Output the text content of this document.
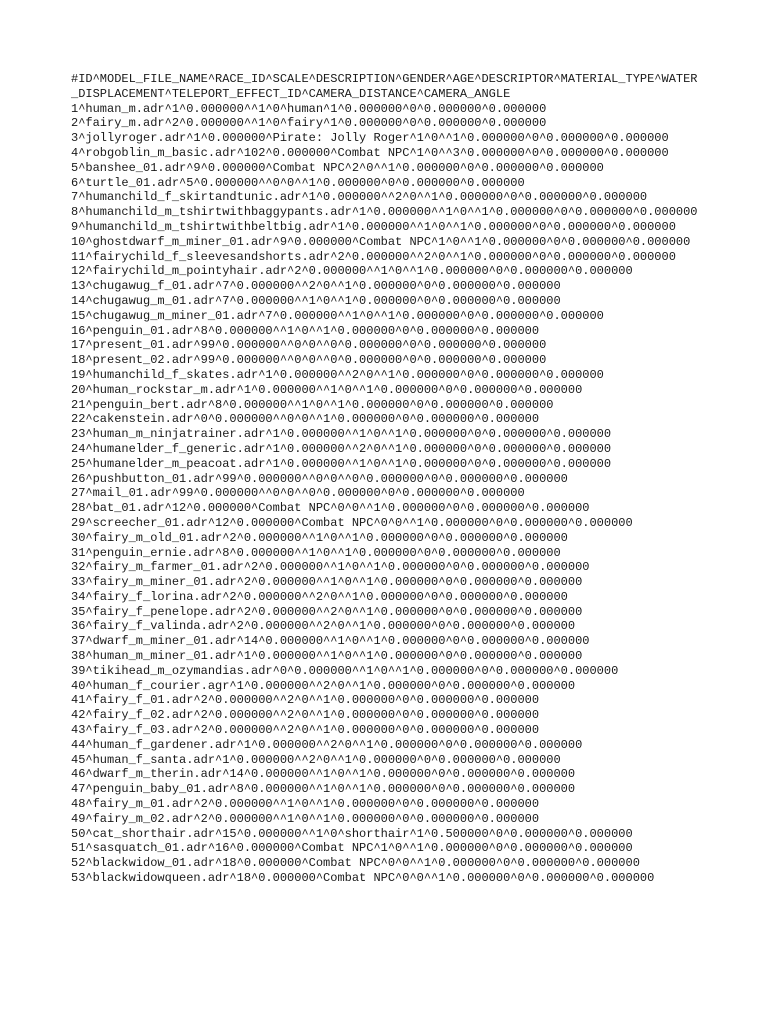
#ID^MODEL_FILE_NAME^RACE_ID^SCALE^DESCRIPTION^GENDER^AGE^DESCRIPTOR^MATERIAL_TYPE^WATER_DISPLACEMENT^TELEPORT_EFFECT_ID^CAMERA_DISTANCE^CAMERA_ANGLE
1^human_m.adr^1^0.000000^^1^0^human^1^0.000000^0^0.000000^0.000000
2^fairy_m.adr^2^0.000000^^1^0^fairy^1^0.000000^0^0.000000^0.000000
3^jollyroger.adr^1^0.000000^Pirate: Jolly Roger^1^0^^1^0.000000^0^0.000000^0.000000
4^robgoblin_m_basic.adr^102^0.000000^Combat NPC^1^0^^3^0.000000^0^0.000000^0.000000
5^banshee_01.adr^9^0.000000^Combat NPC^2^0^^1^0.000000^0^0.000000^0.000000
6^turtle_01.adr^5^0.000000^^0^0^^1^0.000000^0^0.000000^0.000000
7^humanchild_f_skirtandtunic.adr^1^0.000000^^2^0^^1^0.000000^0^0.000000^0.000000
8^humanchild_m_tshirtwithbaggypants.adr^1^0.000000^^1^0^^1^0.000000^0^0.000000^0.000000
9^humanchild_m_tshirtwithbeltbig.adr^1^0.000000^^1^0^^1^0.000000^0^0.000000^0.000000
10^ghostdwarf_m_miner_01.adr^9^0.000000^Combat NPC^1^0^^1^0.000000^0^0.000000^0.000000
11^fairychild_f_sleevesandshorts.adr^2^0.000000^^2^0^^1^0.000000^0^0.000000^0.000000
12^fairychild_m_pointyhair.adr^2^0.000000^^1^0^^1^0.000000^0^0.000000^0.000000
13^chugawug_f_01.adr^7^0.000000^^2^0^^1^0.000000^0^0.000000^0.000000
14^chugawug_m_01.adr^7^0.000000^^1^0^^1^0.000000^0^0.000000^0.000000
15^chugawug_m_miner_01.adr^7^0.000000^^1^0^^1^0.000000^0^0.000000^0.000000
16^penguin_01.adr^8^0.000000^^1^0^^1^0.000000^0^0.000000^0.000000
17^present_01.adr^99^0.000000^^0^0^^0^0.000000^0^0.000000^0.000000
18^present_02.adr^99^0.000000^^0^0^^0^0.000000^0^0.000000^0.000000
19^humanchild_f_skates.adr^1^0.000000^^2^0^^1^0.000000^0^0.000000^0.000000
20^human_rockstar_m.adr^1^0.000000^^1^0^^1^0.000000^0^0.000000^0.000000
21^penguin_bert.adr^8^0.000000^^1^0^^1^0.000000^0^0.000000^0.000000
22^cakenstein.adr^0^0.000000^^0^0^^1^0.000000^0^0.000000^0.000000
23^human_m_ninjatrainer.adr^1^0.000000^^1^0^^1^0.000000^0^0.000000^0.000000
24^humanelder_f_generic.adr^1^0.000000^^2^0^^1^0.000000^0^0.000000^0.000000
25^humanelder_m_peacoat.adr^1^0.000000^^1^0^^1^0.000000^0^0.000000^0.000000
26^pushbutton_01.adr^99^0.000000^^0^0^^0^0.000000^0^0.000000^0.000000
27^mail_01.adr^99^0.000000^^0^0^^0^0.000000^0^0.000000^0.000000
28^bat_01.adr^12^0.000000^Combat NPC^0^0^^1^0.000000^0^0.000000^0.000000
29^screecher_01.adr^12^0.000000^Combat NPC^0^0^^1^0.000000^0^0.000000^0.000000
30^fairy_m_old_01.adr^2^0.000000^^1^0^^1^0.000000^0^0.000000^0.000000
31^penguin_ernie.adr^8^0.000000^^1^0^^1^0.000000^0^0.000000^0.000000
32^fairy_m_farmer_01.adr^2^0.000000^^1^0^^1^0.000000^0^0.000000^0.000000
33^fairy_m_miner_01.adr^2^0.000000^^1^0^^1^0.000000^0^0.000000^0.000000
34^fairy_f_lorina.adr^2^0.000000^^2^0^^1^0.000000^0^0.000000^0.000000
35^fairy_f_penelope.adr^2^0.000000^^2^0^^1^0.000000^0^0.000000^0.000000
36^fairy_f_valinda.adr^2^0.000000^^2^0^^1^0.000000^0^0.000000^0.000000
37^dwarf_m_miner_01.adr^14^0.000000^^1^0^^1^0.000000^0^0.000000^0.000000
38^human_m_miner_01.adr^1^0.000000^^1^0^^1^0.000000^0^0.000000^0.000000
39^tikihead_m_ozymandias.adr^0^0.000000^^1^0^^1^0.000000^0^0.000000^0.000000
40^human_f_courier.agr^1^0.000000^^2^0^^1^0.000000^0^0.000000^0.000000
41^fairy_f_01.adr^2^0.000000^^2^0^^1^0.000000^0^0.000000^0.000000
42^fairy_f_02.adr^2^0.000000^^2^0^^1^0.000000^0^0.000000^0.000000
43^fairy_f_03.adr^2^0.000000^^2^0^^1^0.000000^0^0.000000^0.000000
44^human_f_gardener.adr^1^0.000000^^2^0^^1^0.000000^0^0.000000^0.000000
45^human_f_santa.adr^1^0.000000^^2^0^^1^0.000000^0^0.000000^0.000000
46^dwarf_m_therin.adr^14^0.000000^^1^0^^1^0.000000^0^0.000000^0.000000
47^penguin_baby_01.adr^8^0.000000^^1^0^^1^0.000000^0^0.000000^0.000000
48^fairy_m_01.adr^2^0.000000^^1^0^^1^0.000000^0^0.000000^0.000000
49^fairy_m_02.adr^2^0.000000^^1^0^^1^0.000000^0^0.000000^0.000000
50^cat_shorthair.adr^15^0.000000^^1^0^shorthair^1^0.500000^0^0.000000^0.000000
51^sasquatch_01.adr^16^0.000000^Combat NPC^1^0^^1^0.000000^0^0.000000^0.000000
52^blackwidow_01.adr^18^0.000000^Combat NPC^0^0^^1^0.000000^0^0.000000^0.000000
53^blackwidowqueen.adr^18^0.000000^Combat NPC^0^0^^1^0.000000^0^0.000000^0.000000
